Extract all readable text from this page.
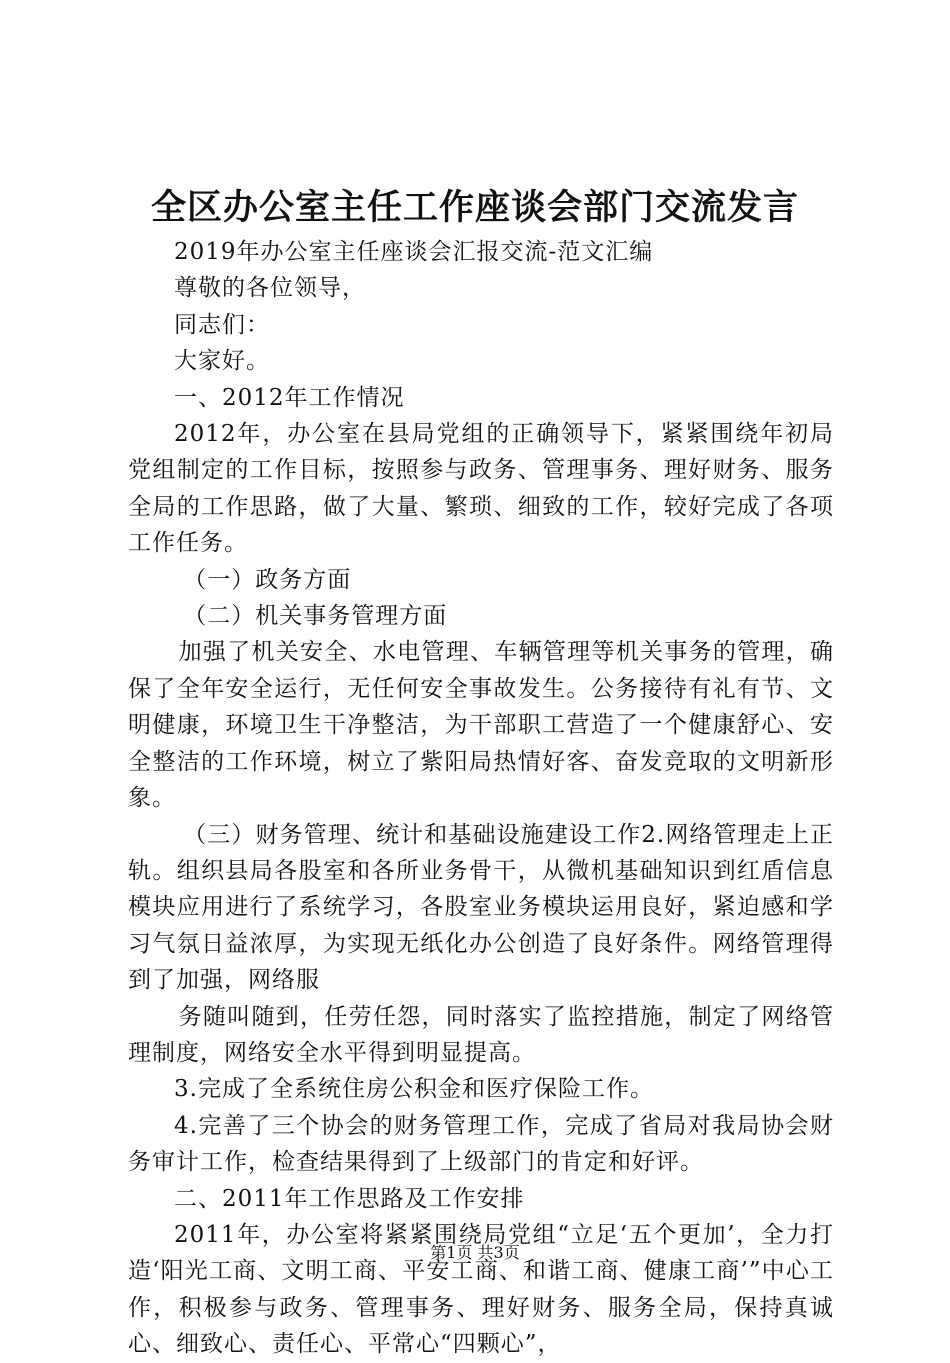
全区办公室主任工作座谈会部门交流发言

2019年办公室主任座谈会汇报交流-范文汇编

尊敬的各位领导，

同志们：

大家好。

一、2012年工作情况

2012年，办公室在县局党组的正确领导下，紧紧围绕年初局党组制定的工作目标，按照参与政务、管理事务、理好财务、服务全局的工作思路，做了大量、繁琐、细致的工作，较好完成了各项工作任务。

（一）政务方面

（二）机关事务管理方面

加强了机关安全、水电管理、车辆管理等机关事务的管理，确保了全年安全运行，无任何安全事故发生。公务接待有礼有节、文明健康，环境卫生干净整洁，为干部职工营造了一个健康舒心、安全整洁的工作环境，树立了紫阳局热情好客、奋发竞取的文明新形象。

（三）财务管理、统计和基础设施建设工作2.网络管理走上正轨。组织县局各股室和各所业务骨干，从微机基础知识到红盾信息模块应用进行了系统学习，各股室业务模块运用良好，紧迫感和学习气氛日益浓厚，为实现无纸化办公创造了良好条件。网络管理得到了加强，网络服

务随叫随到，任劳任怨，同时落实了监控措施，制定了网络管理制度，网络安全水平得到明显提高。

3.完成了全系统住房公积金和医疗保险工作。

4.完善了三个协会的财务管理工作，完成了省局对我局协会财务审计工作，检查结果得到了上级部门的肯定和好评。

二、2011年工作思路及工作安排

2011年，办公室将紧紧围绕局党组“立足‘五个更加’，全力打造‘阳光工商、文明工商、平安工商、和谐工商、健康工商’”中心工作，积极参与政务、管理事务、理好财务、服务全局，保持真诚心、细致心、责任心、平常心“四颗心”，

第1页 共3页
